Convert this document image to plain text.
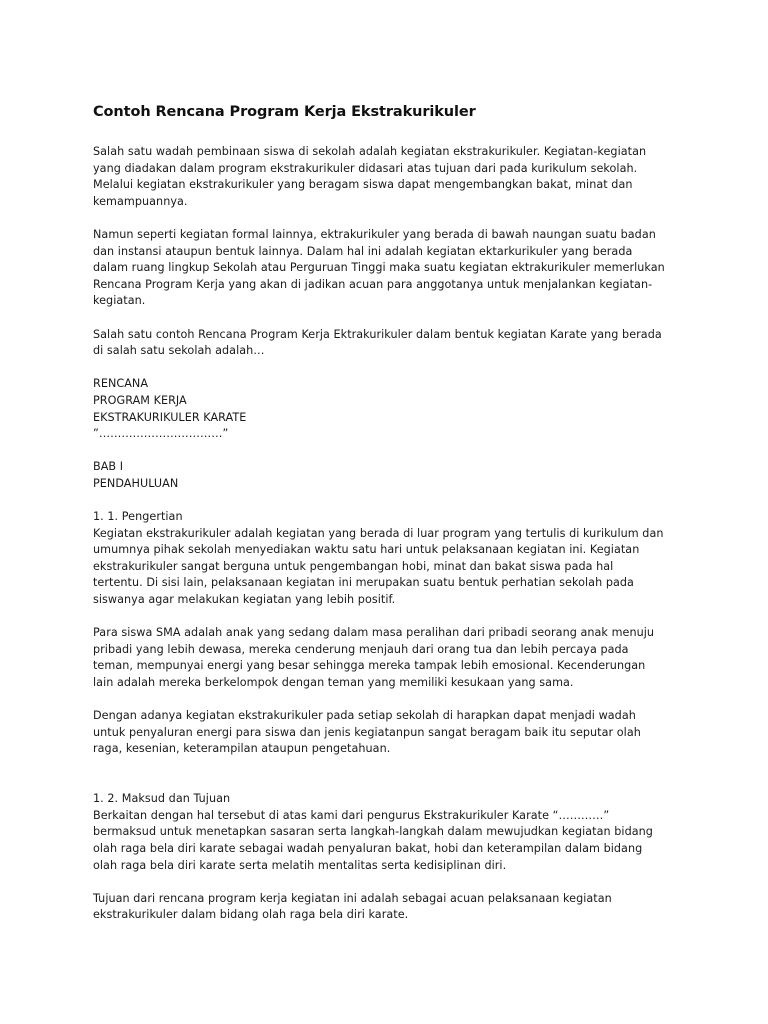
Contoh Rencana Program Kerja Ekstrakurikuler
Salah satu wadah pembinaan siswa di sekolah adalah kegiatan ekstrakurikuler. Kegiatan-kegiatan
yang diadakan dalam program ekstrakurikuler didasari atas tujuan dari pada kurikulum sekolah.
Melalui kegiatan ekstrakurikuler yang beragam siswa dapat mengembangkan bakat, minat dan
kemampuannya.
Namun seperti kegiatan formal lainnya, ektrakurikuler yang berada di bawah naungan suatu badan
dan instansi ataupun bentuk lainnya. Dalam hal ini adalah kegiatan ektarkurikuler yang berada
dalam ruang lingkup Sekolah atau Perguruan Tinggi maka suatu kegiatan ektrakurikuler memerlukan
Rencana Program Kerja yang akan di jadikan acuan para anggotanya untuk menjalankan kegiatan-
kegiatan.
Salah satu contoh Rencana Program Kerja Ektrakurikuler dalam bentuk kegiatan Karate yang berada
di salah satu sekolah adalah…
RENCANA
PROGRAM KERJA
EKSTRAKURIKULER KARATE
”……………………………”
BAB I
PENDAHULUAN
1. 1. Pengertian
Kegiatan ekstrakurikuler adalah kegiatan yang berada di luar program yang tertulis di kurikulum dan
umumnya pihak sekolah menyediakan waktu satu hari untuk pelaksanaan kegiatan ini. Kegiatan
ekstrakurikuler sangat berguna untuk pengembangan hobi, minat dan bakat siswa pada hal
tertentu. Di sisi lain, pelaksanaan kegiatan ini merupakan suatu bentuk perhatian sekolah pada
siswanya agar melakukan kegiatan yang lebih positif.
Para siswa SMA adalah anak yang sedang dalam masa peralihan dari pribadi seorang anak menuju
pribadi yang lebih dewasa, mereka cenderung menjauh dari orang tua dan lebih percaya pada
teman, mempunyai energi yang besar sehingga mereka tampak lebih emosional. Kecenderungan
lain adalah mereka berkelompok dengan teman yang memiliki kesukaan yang sama.
Dengan adanya kegiatan ekstrakurikuler pada setiap sekolah di harapkan dapat menjadi wadah
untuk penyaluran energi para siswa dan jenis kegiatanpun sangat beragam baik itu seputar olah
raga, kesenian, keterampilan ataupun pengetahuan.
1. 2. Maksud dan Tujuan
Berkaitan dengan hal tersebut di atas kami dari pengurus Ekstrakurikuler Karate “…………”
bermaksud untuk menetapkan sasaran serta langkah-langkah dalam mewujudkan kegiatan bidang
olah raga bela diri karate sebagai wadah penyaluran bakat, hobi dan keterampilan dalam bidang
olah raga bela diri karate serta melatih mentalitas serta kedisiplinan diri.
Tujuan dari rencana program kerja kegiatan ini adalah sebagai acuan pelaksanaan kegiatan
ekstrakurikuler dalam bidang olah raga bela diri karate.
